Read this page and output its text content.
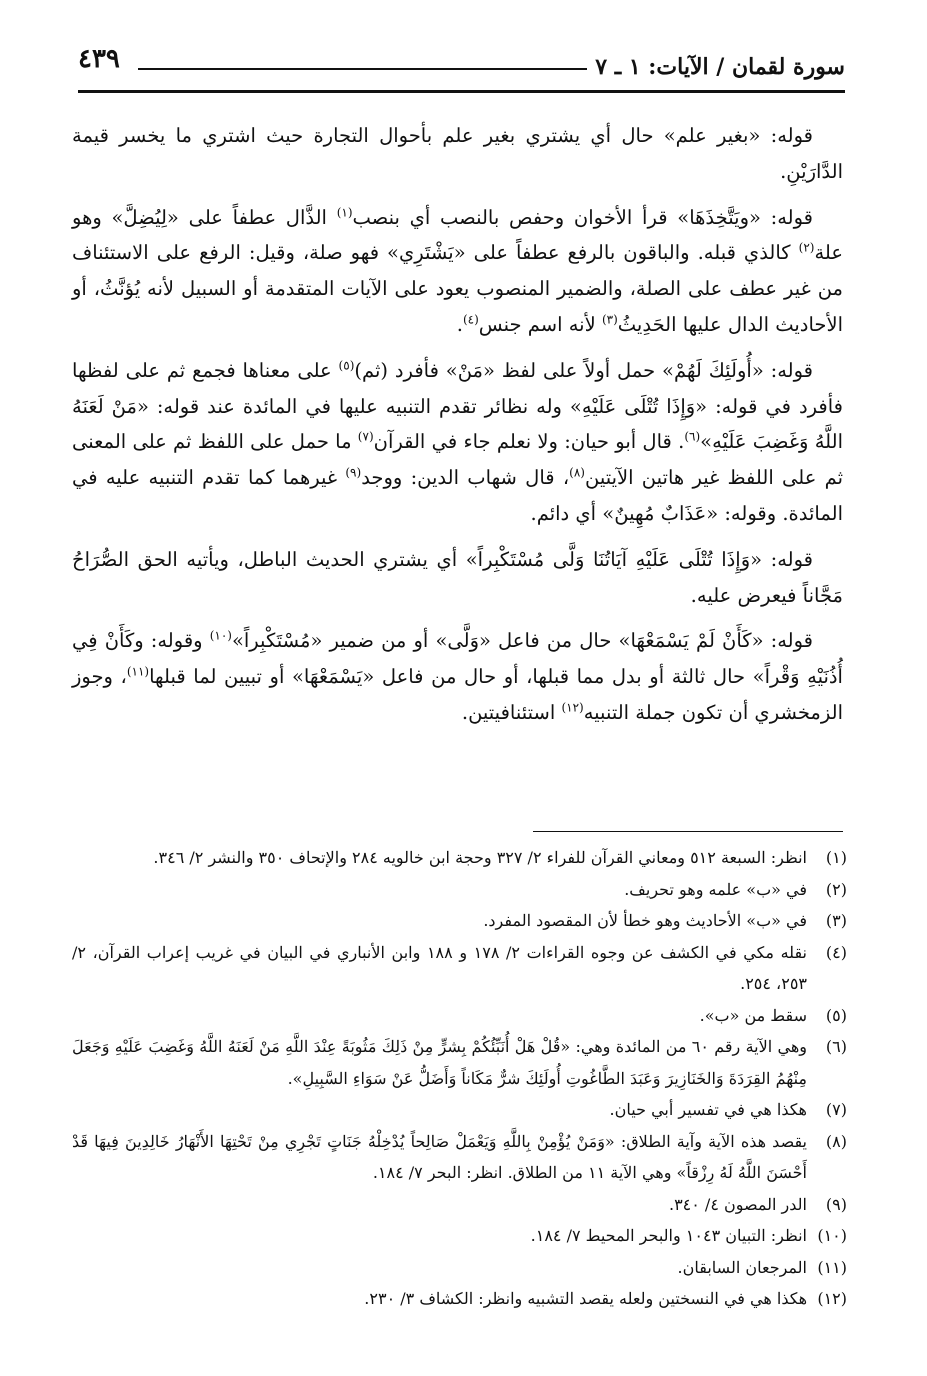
٤٣٩	سورة لقمان / الآيات: ١ ـ ٧

قوله: «بغير علم» حال أي يشتري بغير علم بأحوال التجارة حيث اشتري ما يخسر قيمة الدَّارَيْنِ.

قوله: «ويَتَّخِذَهَا» قرأ الأخوان وحفص بالنصب أي بنصب$^{(١)}$ الذَّال عطفاً على «لِيُضِلَّ» وهو علة$^{(٢)}$ كالذي قبله. والباقون بالرفع عطفاً على «يَشْتَرِي» فهو صلة، وقيل: الرفع على الاستئناف من غير عطف على الصلة، والضمير المنصوب يعود على الآيات المتقدمة أو السبيل لأنه يُؤنَّثُ، أو الأحاديث الدال عليها الحَدِيثُ$^{(٣)}$ لأنه اسم جنس$^{(٤)}$.

قوله: «أُولَئِكَ لَهُمْ» حمل أولاً على لفظ «مَنْ» فأفرد (ثم)$^{(٥)}$ على معناها فجمع ثم على لفظها فأفرد في قوله: «وَإِذَا تُتْلَى عَلَيْهِ» وله نظائر تقدم التنبيه عليها في المائدة عند قوله: «مَنْ لَعَنَهُ اللَّهُ وَغَضِبَ عَلَيْهِ»$^{(٦)}$. قال أبو حيان: ولا نعلم جاء في القرآن$^{(٧)}$ ما حمل على اللفظ ثم على المعنى ثم على اللفظ غير هاتين الآيتين$^{(٨)}$، قال شهاب الدين: ووجد$^{(٩)}$ غيرهما كما تقدم التنبيه عليه في المائدة. وقوله: «عَذَابٌ مُهِينٌ» أي دائم.

قوله: «وَإِذَا تُتْلَى عَلَيْهِ آيَاتُنَا وَلَّى مُسْتَكْبِراً» أي يشتري الحديث الباطل، ويأتيه الحق الصُّرَاحُ مَجَّاناً فيعرض عليه.

قوله: «كَأَنْ لَمْ يَسْمَعْهَا» حال من فاعل «وَلَّى» أو من ضمير «مُسْتَكْبِراً»$^{(١٠)}$ وقوله: وكَأَنْ فِي أُذُنَيْهِ وَقْراً» حال ثالثة أو بدل مما قبلها، أو حال من فاعل «يَسْمَعْهَا» أو تبيين لما قبلها$^{(١١)}$، وجوز الزمخشري أن تكون جملة التنبيه$^{(١٢)}$ استئنافيتين.

(١)
انظر: السبعة ٥١٢ ومعاني القرآن للفراء ٢/ ٣٢٧ وحجة ابن خالويه ٢٨٤ والإتحاف ٣٥٠ والنشر ٢/ ٣٤٦.
(٢)
في «ب» علمه وهو تحريف.
(٣)
في «ب» الأحاديث وهو خطأ لأن المقصود المفرد.
(٤)
نقله مكي في الكشف عن وجوه القراءات ٢/ ١٧٨ و ١٨٨ وابن الأنباري في البيان في غريب إعراب القرآن، ٢/ ٢٥٣، ٢٥٤.
(٥)
سقط من «ب».
(٦)
وهي الآية رقم ٦٠ من المائدة وهي: «قُلْ هَلْ أُنَبِّئُكُمْ بِشرٍّ مِنْ ذَلِكَ مَثُوبَةً عِنْدَ اللَّهِ مَنْ لَعَنَهُ اللَّهُ وَغَضِبَ عَلَيْهِ وَجَعَلَ مِنْهُمُ القِرَدَةَ وَالخَنَازِيرَ وَعَبَدَ الطَّاغُوتِ أُولَئِكَ شرٌّ مَكَاناً وَأَضَلُّ عَنْ سَوَاءِ السَّبِيلِ».
(٧)
هكذا هي في تفسير أبي حيان.
(٨)
يقصد هذه الآية وآية الطلاق: «وَمَنْ يُؤْمِنْ بِاللَّهِ وَيَعْمَلْ صَالِحاً يُدْخِلْهُ جَنَاتٍ تَجْرِي مِنْ تَحْتِهَا الأَنْهَارُ خَالِدِينَ فِيهَا قَدْ أَحْسَنَ اللَّهُ لَهُ رِزْقاً» وهي الآية ١١ من الطلاق. انظر: البحر ٧/ ١٨٤.
(٩)
الدر المصون ٤/ ٣٤٠.
(١٠)
انظر: التبيان ١٠٤٣ والبحر المحيط ٧/ ١٨٤.
(١١)
المرجعان السابقان.
(١٢)
هكذا هي في النسختين ولعله يقصد التشبيه وانظر: الكشاف ٣/ ٢٣٠.
